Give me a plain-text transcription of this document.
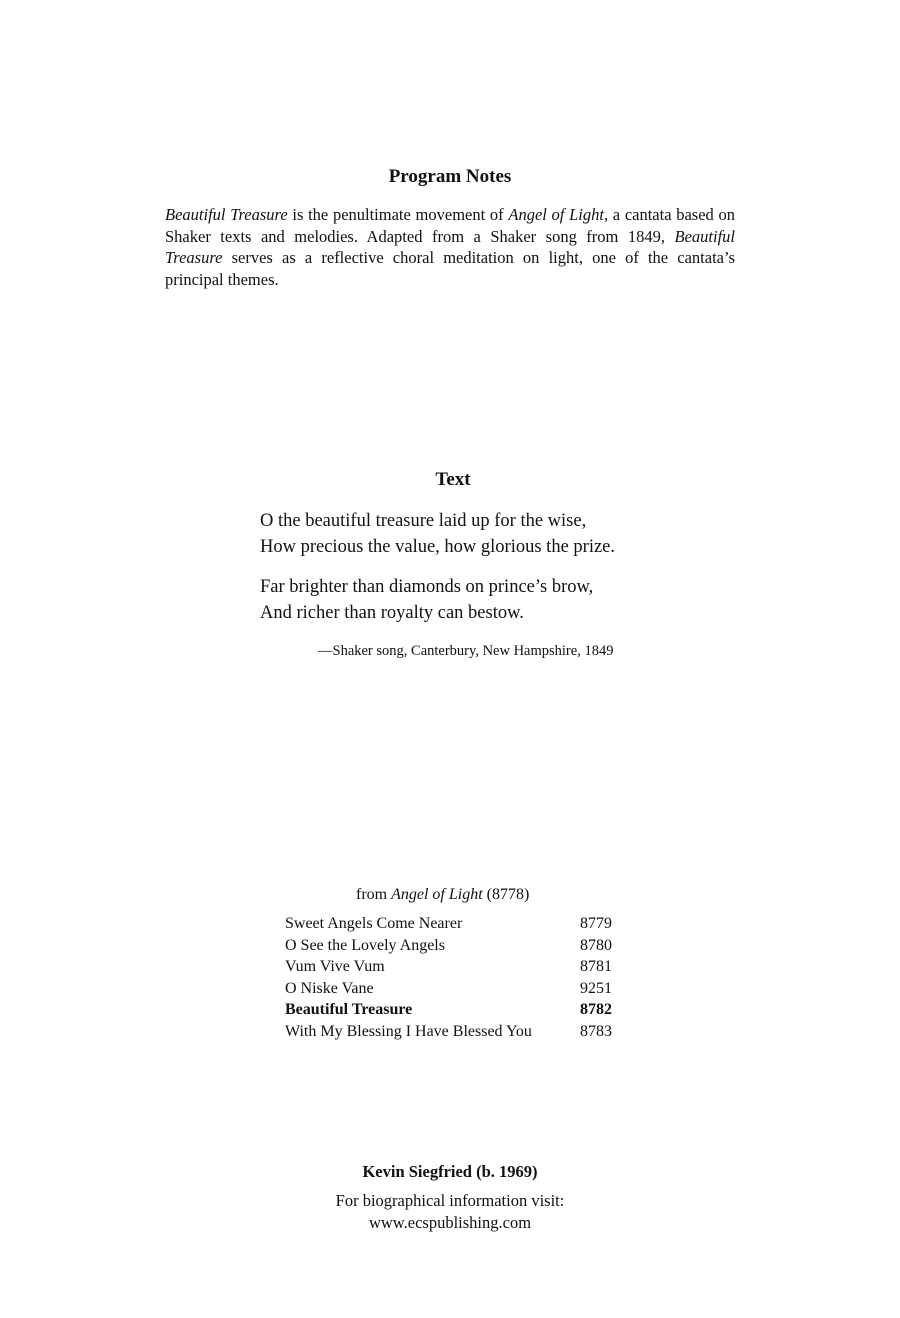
Program Notes
Beautiful Treasure is the penultimate movement of Angel of Light, a cantata based on Shaker texts and melodies. Adapted from a Shaker song from 1849, Beautiful Treasure serves as a reflective choral meditation on light, one of the cantata’s principal themes.
Text
O the beautiful treasure laid up for the wise,
How precious the value, how glorious the prize.
Far brighter than diamonds on prince’s brow,
And richer than royalty can bestow.
—Shaker song, Canterbury, New Hampshire, 1849
from Angel of Light (8778)
Sweet Angels Come Nearer	8779
O See the Lovely Angels	8780
Vum Vive Vum	8781
O Niske Vane	9251
Beautiful Treasure	8782
With My Blessing I Have Blessed You	8783
Kevin Siegfried (b. 1969)
For biographical information visit:
www.ecspublishing.com
